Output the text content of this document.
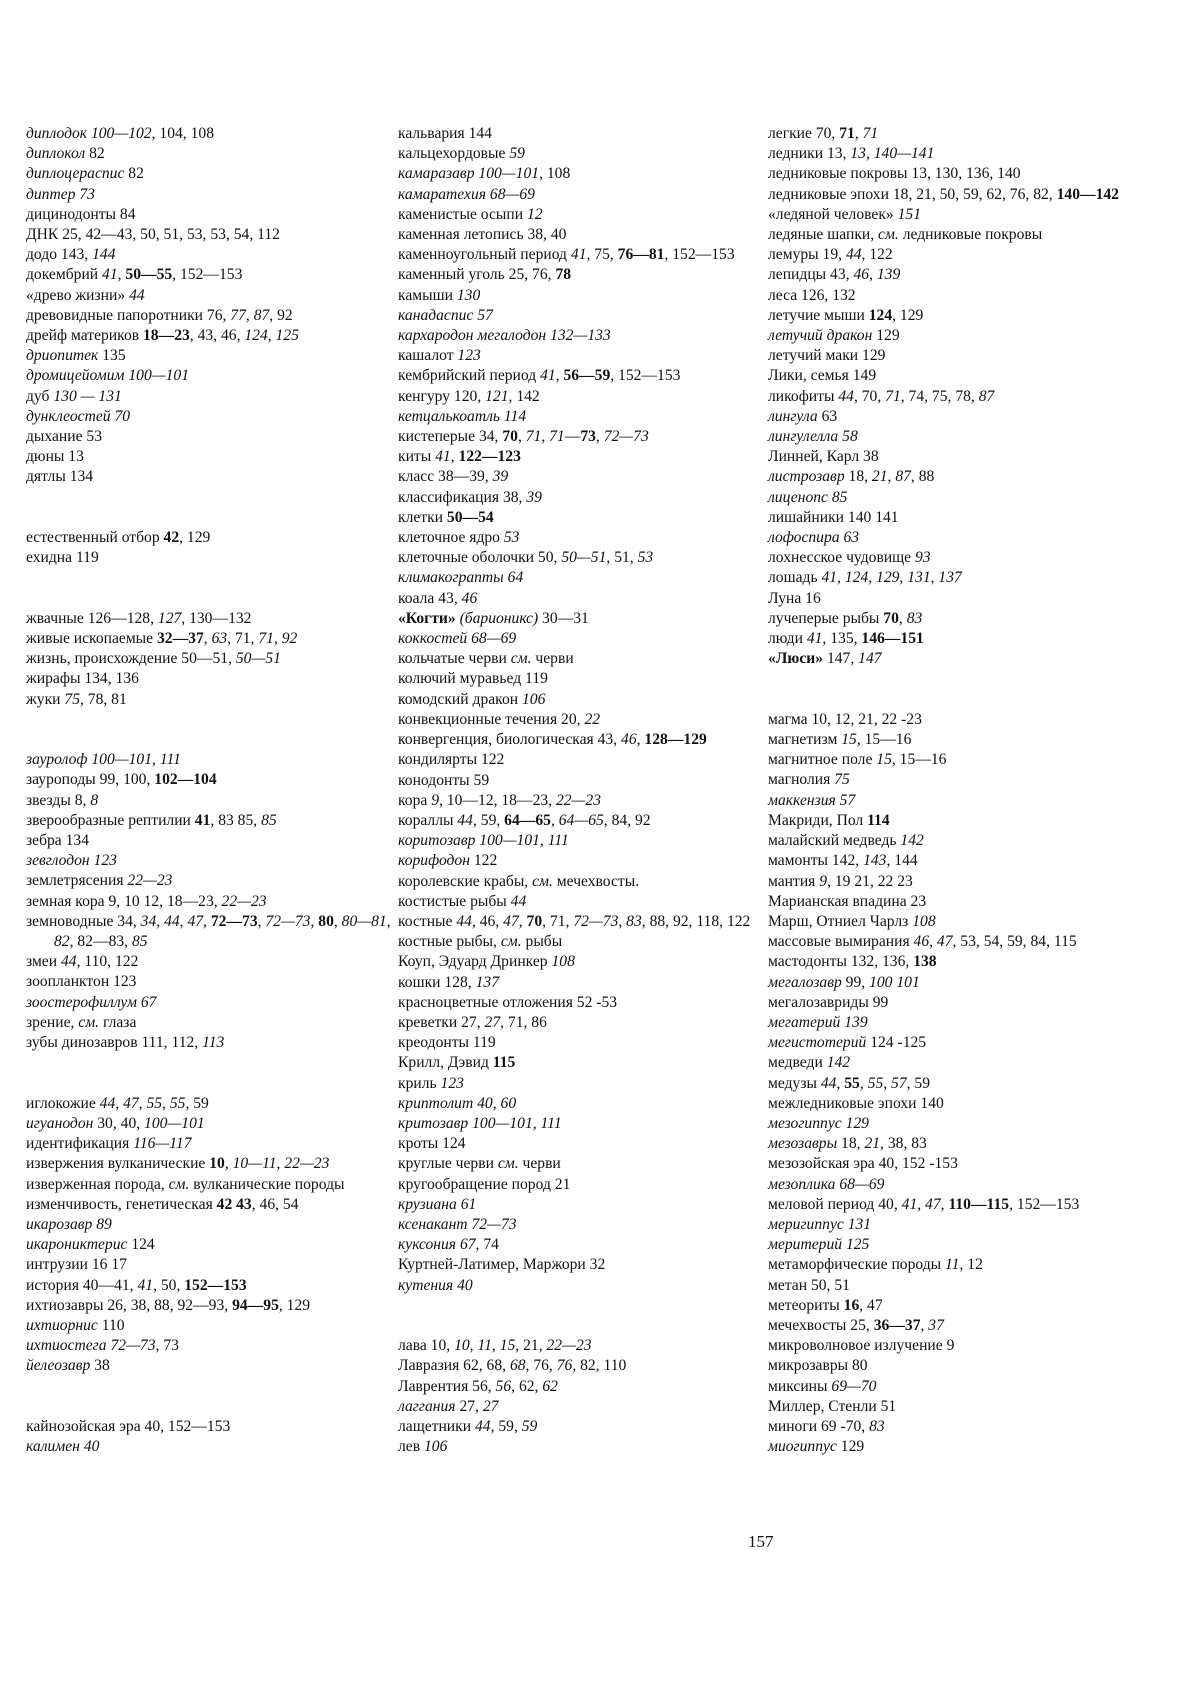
диплодок 100—102, 104, 108
диплокол 82
диплоцераспис 82
диптер 73
дицинодонты 84
ДНК 25, 42—43, 50, 51, 53, 53, 54, 112
додо 143, 144
докембрий 41, 50—55, 152—153
«древо жизни» 44
древовидные папоротники 76, 77, 87, 92
дрейф материков 18—23, 43, 46, 124, 125
дриопитек 135
дромицейомим 100—101
дуб 130 — 131
дунклеостей 70
дыхание 53
дюны 13
дятлы 134
естественный отбор 42, 129
ехидна 119
жвачные 126—128, 127, 130—132
живые ископаемые 32—37, 63, 71, 71, 92
жизнь, происхождение 50—51, 50—51
жирафы 134, 136
жуки 75, 78, 81
зауролоф 100—101, 111
зауроподы 99, 100, 102—104
звезды 8, 8
зверообразные рептилии 41, 83 85, 85
зебра 134
зевглодон 123
землетрясения 22—23
земная кора 9, 10 12, 18—23, 22—23
земноводные 34, 34, 44, 47, 72—73, 72—73, 80, 80—81, 82, 82—83, 85
змеи 44, 110, 122
зоопланктон 123
зоостерофиллум 67
зрение, см. глаза
зубы динозавров 111, 112, 113
иглокожие 44, 47, 55, 55, 59
игуанодон 30, 40, 100—101
идентификация 116—117
извержения вулканические 10, 10—11, 22—23
изверженная порода, см. вулканические породы
изменчивость, генетическая 42 43, 46, 54
икарозавр 89
икарониктерис 124
интрузии 16 17
история 40—41, 41, 50, 152—153
ихтиозавры 26, 38, 88, 92—93, 94—95, 129
ихтиорнис 110
ихтиостега 72—73, 73
йелеозавр 38
кайнозойская эра 40, 152—153
калимен 40
кальвария 144
кальцехордовые 59
камаразавр 100—101, 108
камаратехия 68—69
каменистые осыпи 12
каменная летопись 38, 40
каменноугольный период 41, 75, 76—81, 152—153
каменный уголь 25, 76, 78
камыши 130
канадаспис 57
кархародон мегалодон 132—133
кашалот 123
кембрийский период 41, 56—59, 152—153
кенгуру 120, 121, 142
кетцалькоатль 114
кистеперые 34, 70, 71, 71—73, 72—73
киты 41, 122—123
класс 38—39, 39
классификация 38, 39
клетки 50—54
клеточное ядро 53
клеточные оболочки 50, 50—51, 51, 53
климакограпты 64
коала 43, 46
«Когти» (барионикс) 30—31
коккостей 68—69
кольчатые черви см. черви
колючий муравьед 119
комодский дракон 106
конвекционные течения 20, 22
конвергенция, биологическая 43, 46, 128—129
кондилярты 122
конодонты 59
кора 9, 10—12, 18—23, 22—23
кораллы 44, 59, 64—65, 64—65, 84, 92
коритозавр 100—101, 111
корифодон 122
королевские крабы, см. мечехвосты.
костистые рыбы 44
костные 44, 46, 47, 70, 71, 72—73, 83, 88, 92, 118, 122
костные рыбы, см. рыбы
Коуп, Эдуард Дринкер 108
кошки 128, 137
красноцветные отложения 52 -53
креветки 27, 27, 71, 86
креодонты 119
Крилл, Дэвид 115
криль 123
криптолит 40, 60
критозавр 100—101, 111
кроты 124
круглые черви см. черви
кругообращение пород 21
крузиана 61
ксенакант 72—73
куксония 67, 74
Куртней-Латимер, Маржори 32
кутения 40
лава 10, 10, 11, 15, 21, 22—23
Лавразия 62, 68, 68, 76, 76, 82, 110
Лаврентия 56, 56, 62, 62
лаггания 27, 27
лащетники 44, 59, 59
лев 106
легкие 70, 71, 71
ледники 13, 13, 140—141
ледниковые покровы 13, 130, 136, 140
ледниковые эпохи 18, 21, 50, 59, 62, 76, 82, 140—142
«ледяной человек» 151
ледяные шапки, см. ледниковые покровы
лемуры 19, 44, 122
лепидцы 43, 46, 139
леса 126, 132
летучие мыши 124, 129
летучий дракон 129
летучий маки 129
Лики, семья 149
ликофиты 44, 70, 71, 74, 75, 78, 87
лингула 63
лингулелла 58
Линней, Карл 38
листрозавр 18, 21, 87, 88
лиценопс 85
лишайники 140 141
лофоспира 63
лохнесское чудовище 93
лошадь 41, 124, 129, 131, 137
Луна 16
лучеперые рыбы 70, 83
люди 41, 135, 146—151
«Люси» 147, 147
магма 10, 12, 21, 22 -23
магнетизм 15, 15—16
магнитное поле 15, 15—16
магнолия 75
маккензия 57
Макриди, Пол 114
малайский медведь 142
мамонты 142, 143, 144
мантия 9, 19 21, 22 23
Марианская впадина 23
Марш, Отниел Чарлз 108
массовые вымирания 46, 47, 53, 54, 59, 84, 115
мастодонты 132, 136, 138
мегалозавр 99, 100 101
мегалозавриды 99
мегатерий 139
мегистотерий 124 -125
медведи 142
медузы 44, 55, 55, 57, 59
межледниковые эпохи 140
мезогиппус 129
мезозавры 18, 21, 38, 83
мезозойская эра 40, 152 -153
мезоплика 68—69
меловой период 40, 41, 47, 110—115, 152—153
меригиппус 131
меритерий 125
метаморфические породы 11, 12
метан 50, 51
метеориты 16, 47
мечехвосты 25, 36—37, 37
микроволновое излучение 9
микрозавры 80
миксины 69—70
Миллер, Стенли 51
миноги 69 -70, 83
миогиппус 129
157
